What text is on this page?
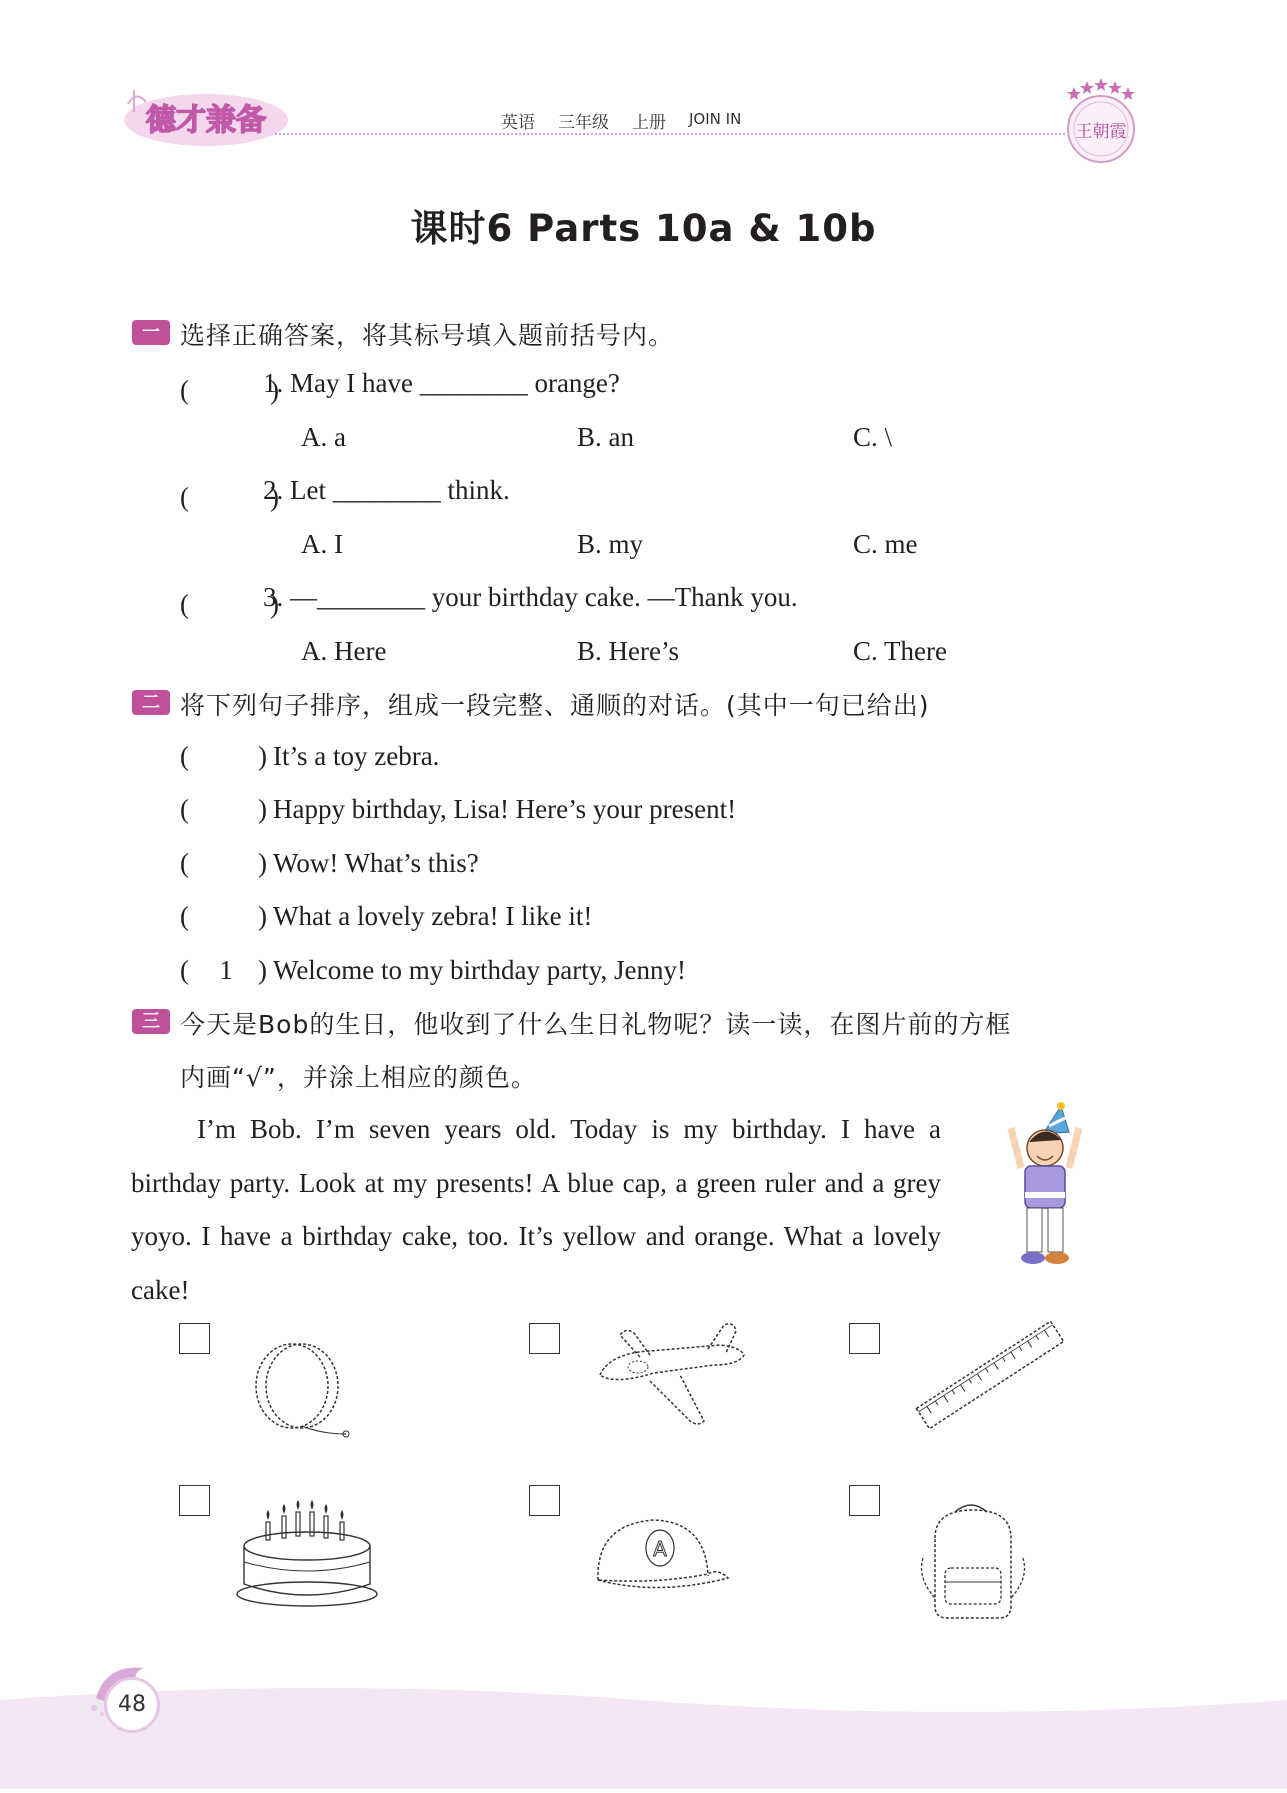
德才兼备	英语 三年级 上册 JOIN IN
王朝霞
课时6 Parts 10a & 10b
一 选择正确答案，将其标号填入题前括号内。
(　　　)
1. May I have ________ orange?
A. a	B. an	C. \
(　　　)
2. Let ________ think.
A. I	B. my	C. me
(　　　)
3. —________ your birthday cake. —Thank you.
A. Here	B. Here’s	C. There
二 将下列句子排序，组成一段完整、通顺的对话。(其中一句已给出)
(	) It’s a toy zebra.
(	) Happy birthday, Lisa! Here’s your present!
(	) Wow! What’s this?
(	) What a lovely zebra! I like it!
(	1 ) Welcome to my birthday party, Jenny!
三 今天是Bob的生日，他收到了什么生日礼物呢？读一读，在图片前的方框
内画“√”，并涂上相应的颜色。
I’m Bob. I’m seven years old. Today is my birthday. I have a birthday party. Look at my presents! A blue cap, a green ruler and a grey yoyo. I have a birthday cake, too. It’s yellow and orange. What a lovely cake!
A
48
